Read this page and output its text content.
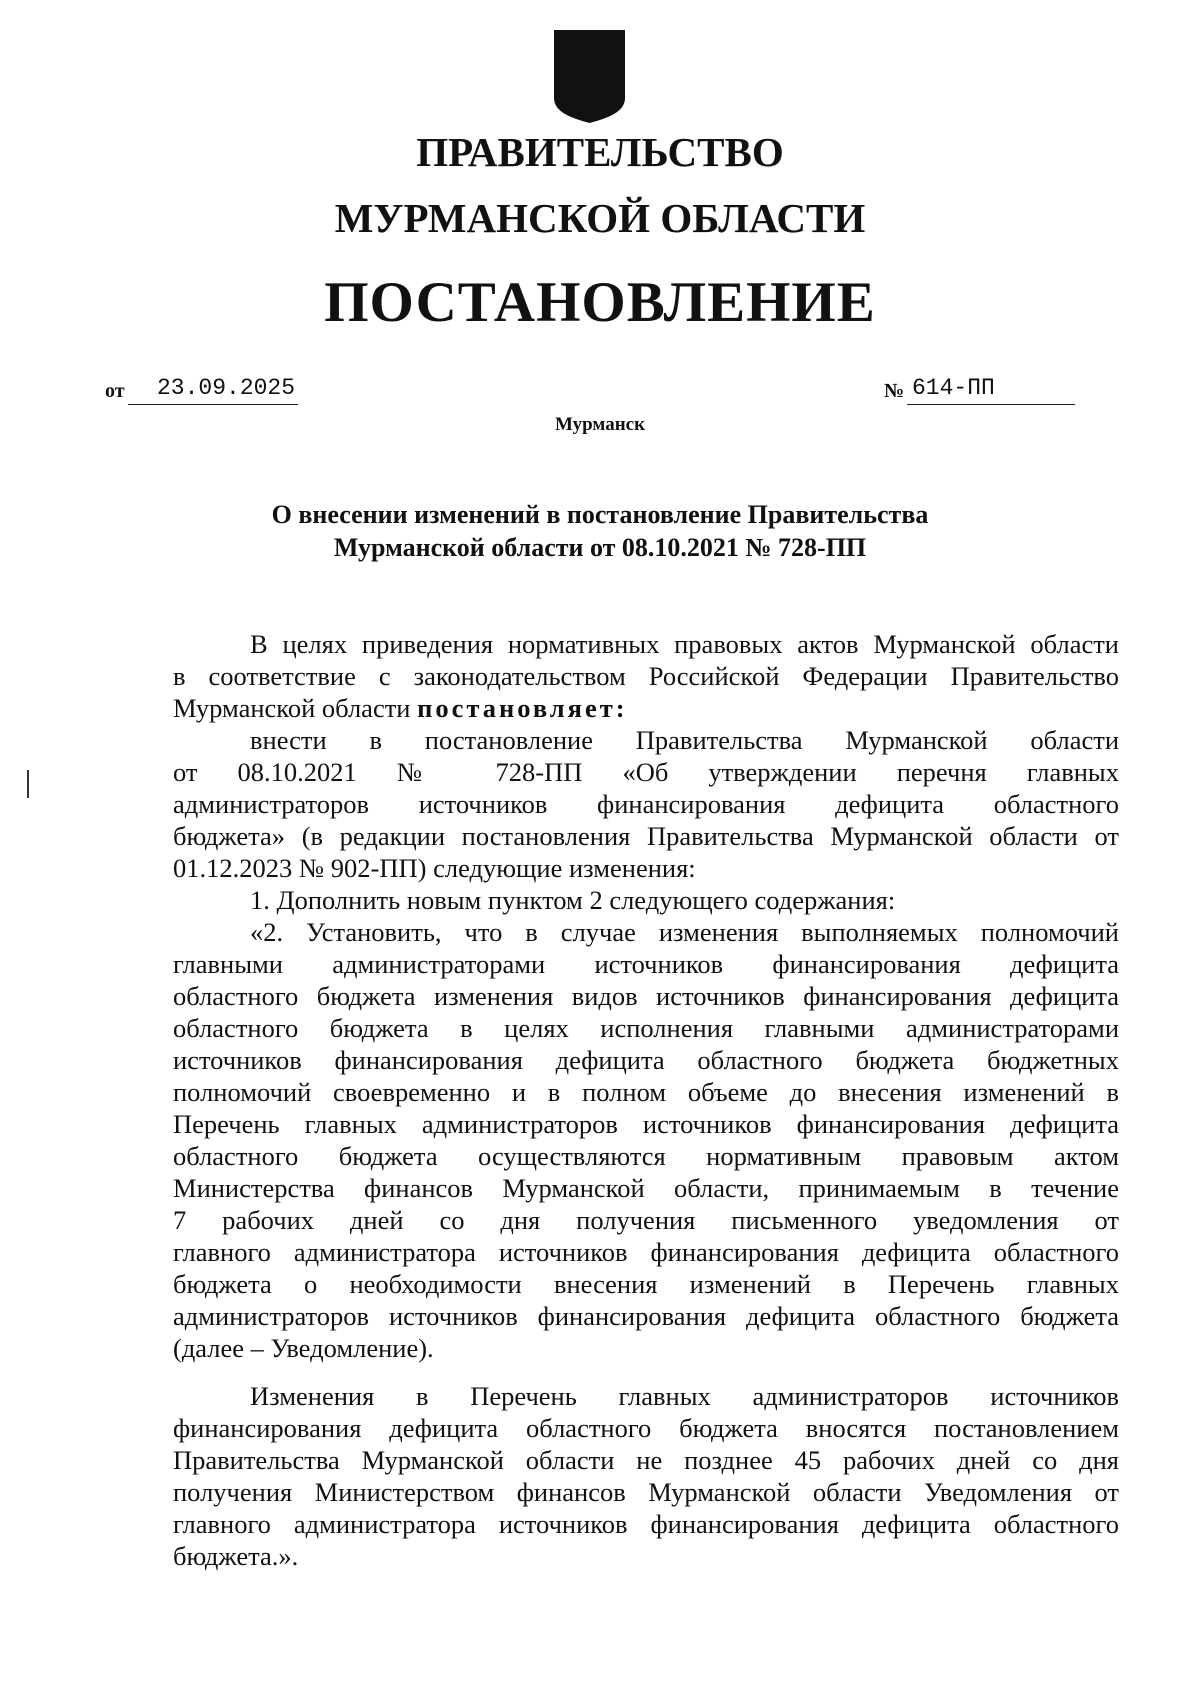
ПРАВИТЕЛЬСТВО
МУРМАНСКОЙ ОБЛАСТИ
ПОСТАНОВЛЕНИЕ
от 23.09.2025	№ 614-ПП
Мурманск
О внесении изменений в постановление Правительства
Мурманской области от 08.10.2021 № 728-ПП
В целях приведения нормативных правовых актов Мурманской области
в соответствие с законодательством Российской Федерации Правительство
Мурманской области постановляет:
внести в постановление Правительства Мурманской области
от 08.10.2021 № 728-ПП «Об утверждении перечня главных
администраторов источников финансирования дефицита областного
бюджета» (в редакции постановления Правительства Мурманской области от
01.12.2023 № 902-ПП) следующие изменения:
1. Дополнить новым пунктом 2 следующего содержания:
«2. Установить, что в случае изменения выполняемых полномочий
главными администраторами источников финансирования дефицита
областного бюджета изменения видов источников финансирования дефицита
областного бюджета в целях исполнения главными администраторами
источников финансирования дефицита областного бюджета бюджетных
полномочий своевременно и в полном объеме до внесения изменений в
Перечень главных администраторов источников финансирования дефицита
областного бюджета осуществляются нормативным правовым актом
Министерства финансов Мурманской области, принимаемым в течение
7 рабочих дней со дня получения письменного уведомления от
главного администратора источников финансирования дефицита областного
бюджета о необходимости внесения изменений в Перечень главных
администраторов источников финансирования дефицита областного бюджета
(далее – Уведомление).
Изменения в Перечень главных администраторов источников
финансирования дефицита областного бюджета вносятся постановлением
Правительства Мурманской области не позднее 45 рабочих дней со дня
получения Министерством финансов Мурманской области Уведомления от
главного администратора источников финансирования дефицита областного
бюджета.».
